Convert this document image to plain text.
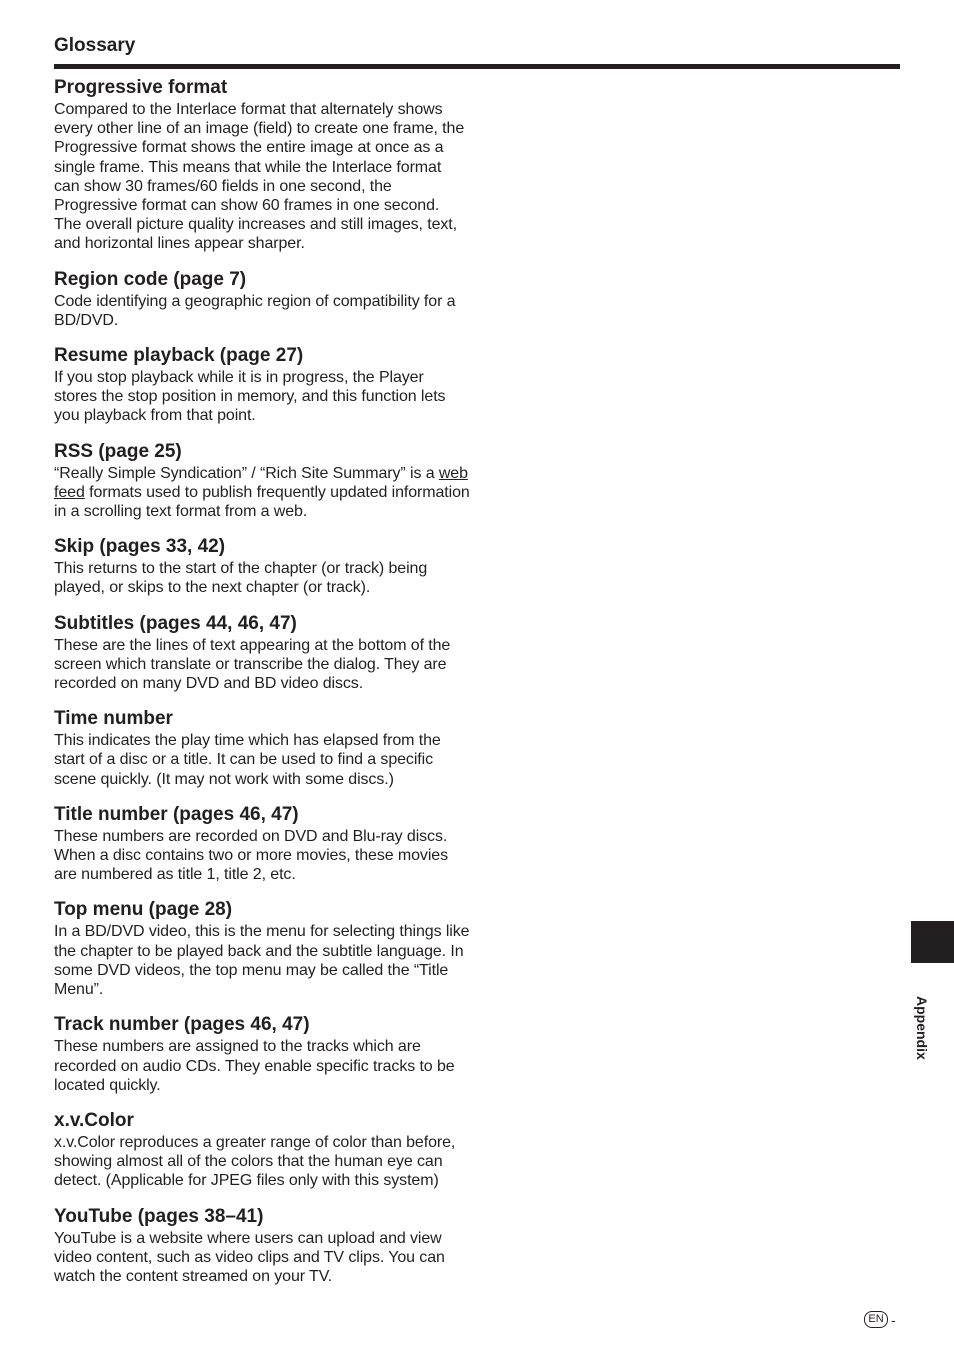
Glossary
Progressive format

Compared to the Interlace format that alternately shows every other line of an image (field) to create one frame, the Progressive format shows the entire image at once as a single frame. This means that while the Interlace format can show 30 frames/60 fields in one second, the Progressive format can show 60 frames in one second. The overall picture quality increases and still images, text, and horizontal lines appear sharper.

Region code (page 7)

Code identifying a geographic region of compatibility for a BD/DVD.

Resume playback (page 27)

If you stop playback while it is in progress, the Player stores the stop position in memory, and this function lets you playback from that point.

RSS (page 25)

“Really Simple Syndication” / “Rich Site Summary” is a web feed formats used to publish frequently updated information in a scrolling text format from a web.

Skip (pages 33, 42)

This returns to the start of the chapter (or track) being played, or skips to the next chapter (or track).

Subtitles (pages 44, 46, 47)

These are the lines of text appearing at the bottom of the screen which translate or transcribe the dialog. They are recorded on many DVD and BD video discs.

Time number

This indicates the play time which has elapsed from the start of a disc or a title. It can be used to find a specific scene quickly. (It may not work with some discs.)

Title number (pages 46, 47)

These numbers are recorded on DVD and Blu-ray discs. When a disc contains two or more movies, these movies are numbered as title 1, title 2, etc.

Top menu (page 28)

In a BD/DVD video, this is the menu for selecting things like the chapter to be played back and the subtitle language. In some DVD videos, the top menu may be called the “Title Menu”.

Track number (pages 46, 47)

These numbers are assigned to the tracks which are recorded on audio CDs. They enable specific tracks to be located quickly.

x.v.Color

x.v.Color reproduces a greater range of color than before, showing almost all of the colors that the human eye can detect. (Applicable for JPEG files only with this system)

YouTube (pages 38–41)

YouTube is a website where users can upload and view video content, such as video clips and TV clips. You can watch the content streamed on your TV.

Appendix
EN -
